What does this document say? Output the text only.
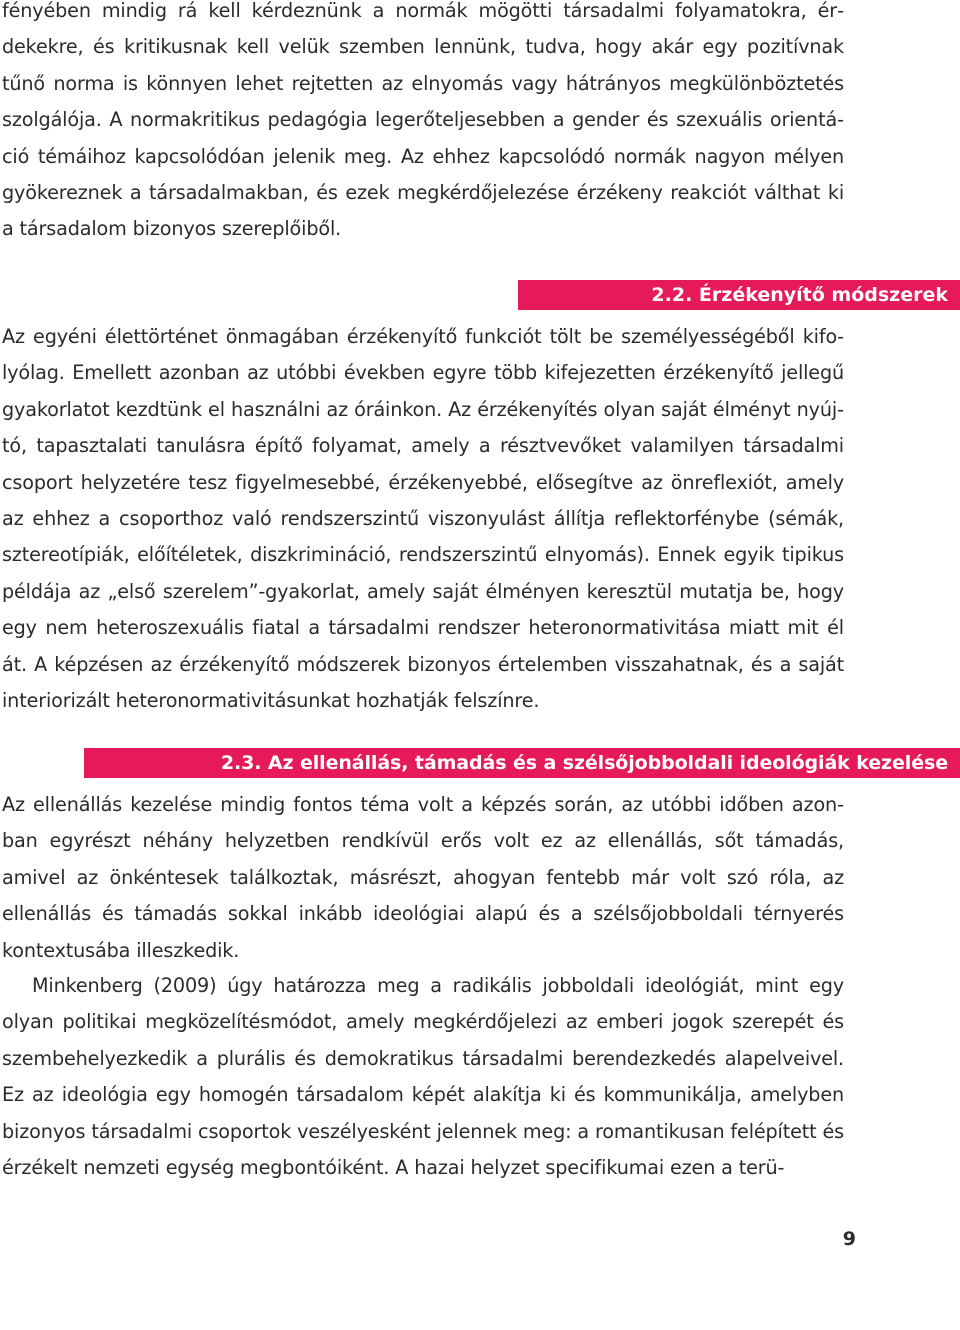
fényében mindig rá kell kérdeznünk a normák mögötti társadalmi folyamatokra, érdekekre, és kritikusnak kell velük szemben lennünk, tudva, hogy akár egy pozitívnak tűnő norma is könnyen lehet rejtetten az elnyomás vagy hátrányos megkülönböztetés szolgálója. A normakritikus pedagógia legerőteljesebben a gender és szexuális orientáció témáihoz kapcsolódóan jelenik meg. Az ehhez kapcsolódó normák nagyon mélyen gyökereznek a társadalmakban, és ezek megkérdőjelezése érzékeny reakciót válthat ki a társadalom bizonyos szereplőiből.

2.2. Érzékenyítő módszerek

Az egyéni élettörténet önmagában érzékenyítő funkciót tölt be személyességéből kifolyólag. Emellett azonban az utóbbi években egyre több kifejezetten érzékenyítő jellegű gyakorlatot kezdtünk el használni az óráinkon. Az érzékenyítés olyan saját élményt nyújtó, tapasztalati tanulásra építő folyamat, amely a résztvevőket valamilyen társadalmi csoport helyzetére tesz figyelmesebbé, érzékenyebbé, elősegítve az önreflexiót, amely az ehhez a csoporthoz való rendszerszintű viszonyulást állítja reflektorfénybe (sémák, sztereotípiák, előítéletek, diszkrimináció, rendszerszintű elnyomás). Ennek egyik tipikus példája az „első szerelem”-gyakorlat, amely saját élményen keresztül mutatja be, hogy egy nem heteroszexuális fiatal a társadalmi rendszer heteronormativitása miatt mit él át. A képzésen az érzékenyítő módszerek bizonyos értelemben visszahatnak, és a saját interiorizált heteronormativitásunkat hozhatják felszínre.

2.3. Az ellenállás, támadás és a szélsőjobboldali ideológiák kezelése

Az ellenállás kezelése mindig fontos téma volt a képzés során, az utóbbi időben azonban egyrészt néhány helyzetben rendkívül erős volt ez az ellenállás, sőt támadás, amivel az önkéntesek találkoztak, másrészt, ahogyan fentebb már volt szó róla, az ellenállás és támadás sokkal inkább ideológiai alapú és a szélsőjobboldali térnyerés kontextusába illeszkedik.

Minkenberg (2009) úgy határozza meg a radikális jobboldali ideológiát, mint egy olyan politikai megközelítésmódot, amely megkérdőjelezi az emberi jogok szerepét és szembehelyezkedik a plurális és demokratikus társadalmi berendezkedés alapelveivel. Ez az ideológia egy homogén társadalom képét alakítja ki és kommunikálja, amelyben bizonyos társadalmi csoportok veszélyesként jelennek meg: a romantikusan felépített és érzékelt nemzeti egység megbontóiként. A hazai helyzet specifikumai ezen a terü-

9
